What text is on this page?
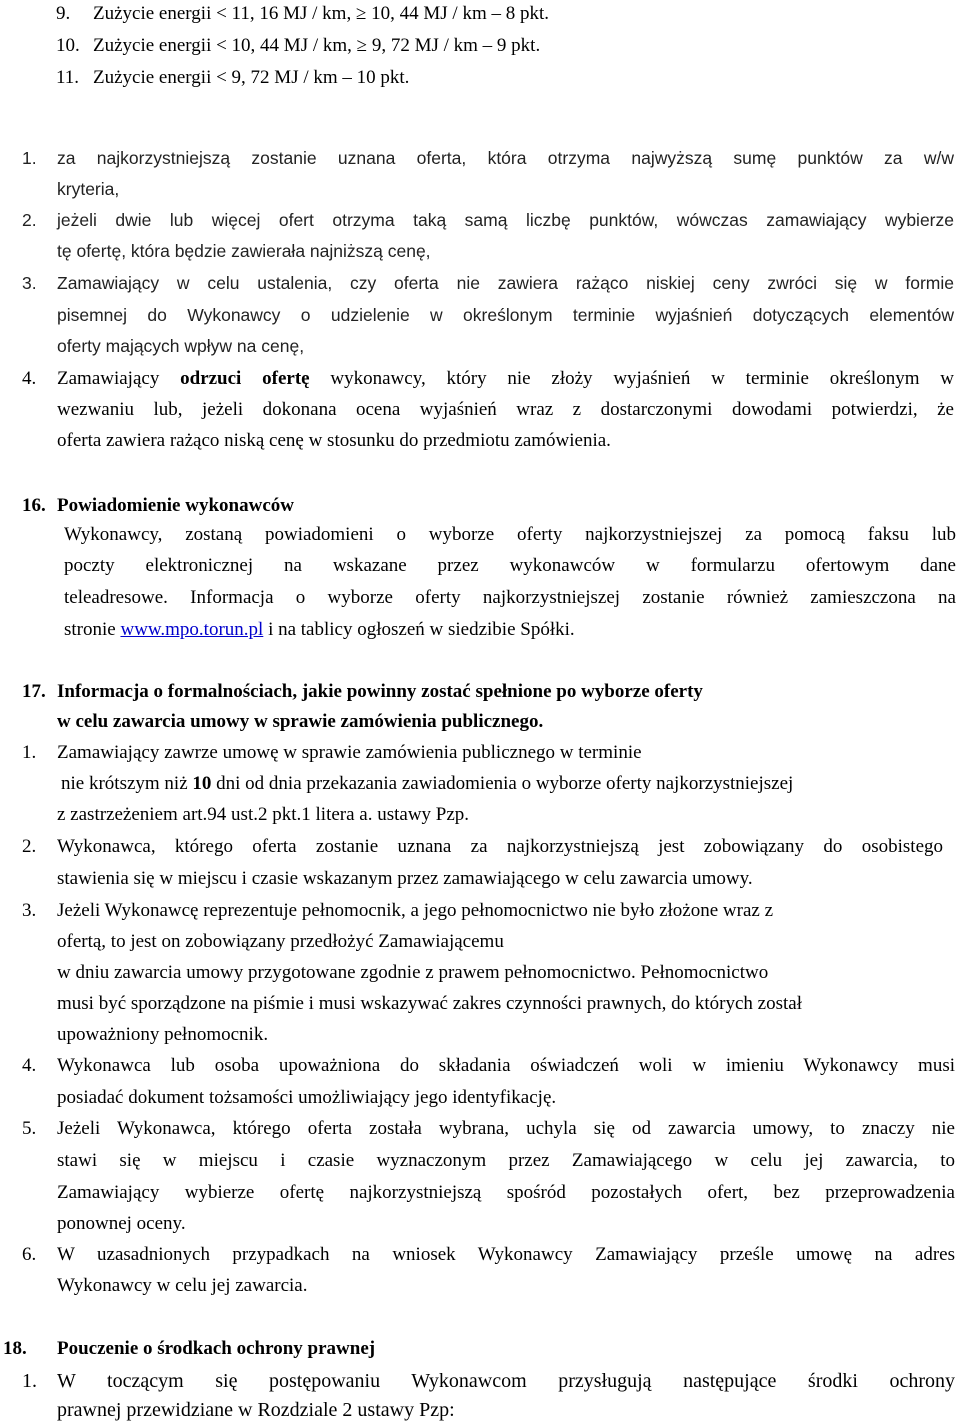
9. Zużycie energii < 11, 16 MJ / km, ≥ 10, 44 MJ / km – 8 pkt.
10. Zużycie energii < 10, 44 MJ / km, ≥ 9, 72 MJ / km – 9 pkt.
11. Zużycie energii < 9, 72 MJ / km – 10 pkt.
1. za najkorzystniejszą zostanie uznana oferta, która otrzyma najwyższą sumę punktów za w/w
kryteria,
2. jeżeli dwie lub więcej ofert otrzyma taką samą liczbę punktów, wówczas zamawiający wybierze
tę ofertę, która będzie zawierała najniższą cenę,
3. Zamawiający w celu ustalenia, czy oferta nie zawiera rażąco niskiej ceny zwróci się w formie
pisemnej do Wykonawcy o udzielenie w określonym terminie wyjaśnień dotyczących elementów
oferty mających wpływ na cenę,
4. Zamawiający odrzuci ofertę wykonawcy, który nie złoży wyjaśnień w terminie określonym w
wezwaniu lub, jeżeli dokonana ocena wyjaśnień wraz z dostarczonymi dowodami potwierdzi, że
oferta zawiera rażąco niską cenę w stosunku do przedmiotu zamówienia.
16. Powiadomienie wykonawców
Wykonawcy, zostaną powiadomieni o wyborze oferty najkorzystniejszej za pomocą faksu lub
poczty elektronicznej na wskazane przez wykonawców w formularzu ofertowym dane
teleadresowe. Informacja o wyborze oferty najkorzystniejszej zostanie również zamieszczona na
stronie www.mpo.torun.pl i na tablicy ogłoszeń w siedzibie Spółki.
17. Informacja o formalnościach, jakie powinny zostać spełnione po wyborze oferty
w celu zawarcia umowy w sprawie zamówienia publicznego.
1. Zamawiający zawrze umowę w sprawie zamówienia publicznego w terminie
nie krótszym niż 10 dni od dnia przekazania zawiadomienia o wyborze oferty najkorzystniejszej
z zastrzeżeniem art.94 ust.2 pkt.1 litera a. ustawy Pzp.
2. Wykonawca, którego oferta zostanie uznana za najkorzystniejszą jest zobowiązany do osobistego
stawienia się w miejscu i czasie wskazanym przez zamawiającego w celu zawarcia umowy.
3. Jeżeli Wykonawcę reprezentuje pełnomocnik, a jego pełnomocnictwo nie było złożone wraz z
ofertą, to jest on zobowiązany przedłożyć Zamawiającemu
w dniu zawarcia umowy przygotowane zgodnie z prawem pełnomocnictwo. Pełnomocnictwo
musi być sporządzone na piśmie i musi wskazywać zakres czynności prawnych, do których został
upoważniony pełnomocnik.
4. Wykonawca lub osoba upoważniona do składania oświadczeń woli w imieniu Wykonawcy musi
posiadać dokument tożsamości umożliwiający jego identyfikację.
5. Jeżeli Wykonawca, którego oferta została wybrana, uchyla się od zawarcia umowy, to znaczy nie
stawi się w miejscu i czasie wyznaczonym przez Zamawiającego w celu jej zawarcia, to
Zamawiający wybierze ofertę najkorzystniejszą spośród pozostałych ofert, bez przeprowadzenia
ponownej oceny.
6. W uzasadnionych przypadkach na wniosek Wykonawcy Zamawiający prześle umowę na adres
Wykonawcy w celu jej zawarcia.
18. Pouczenie o środkach ochrony prawnej
1. W toczącym się postępowaniu Wykonawcom przysługują następujące środki ochrony
prawnej przewidziane w Rozdziale 2 ustawy Pzp:
